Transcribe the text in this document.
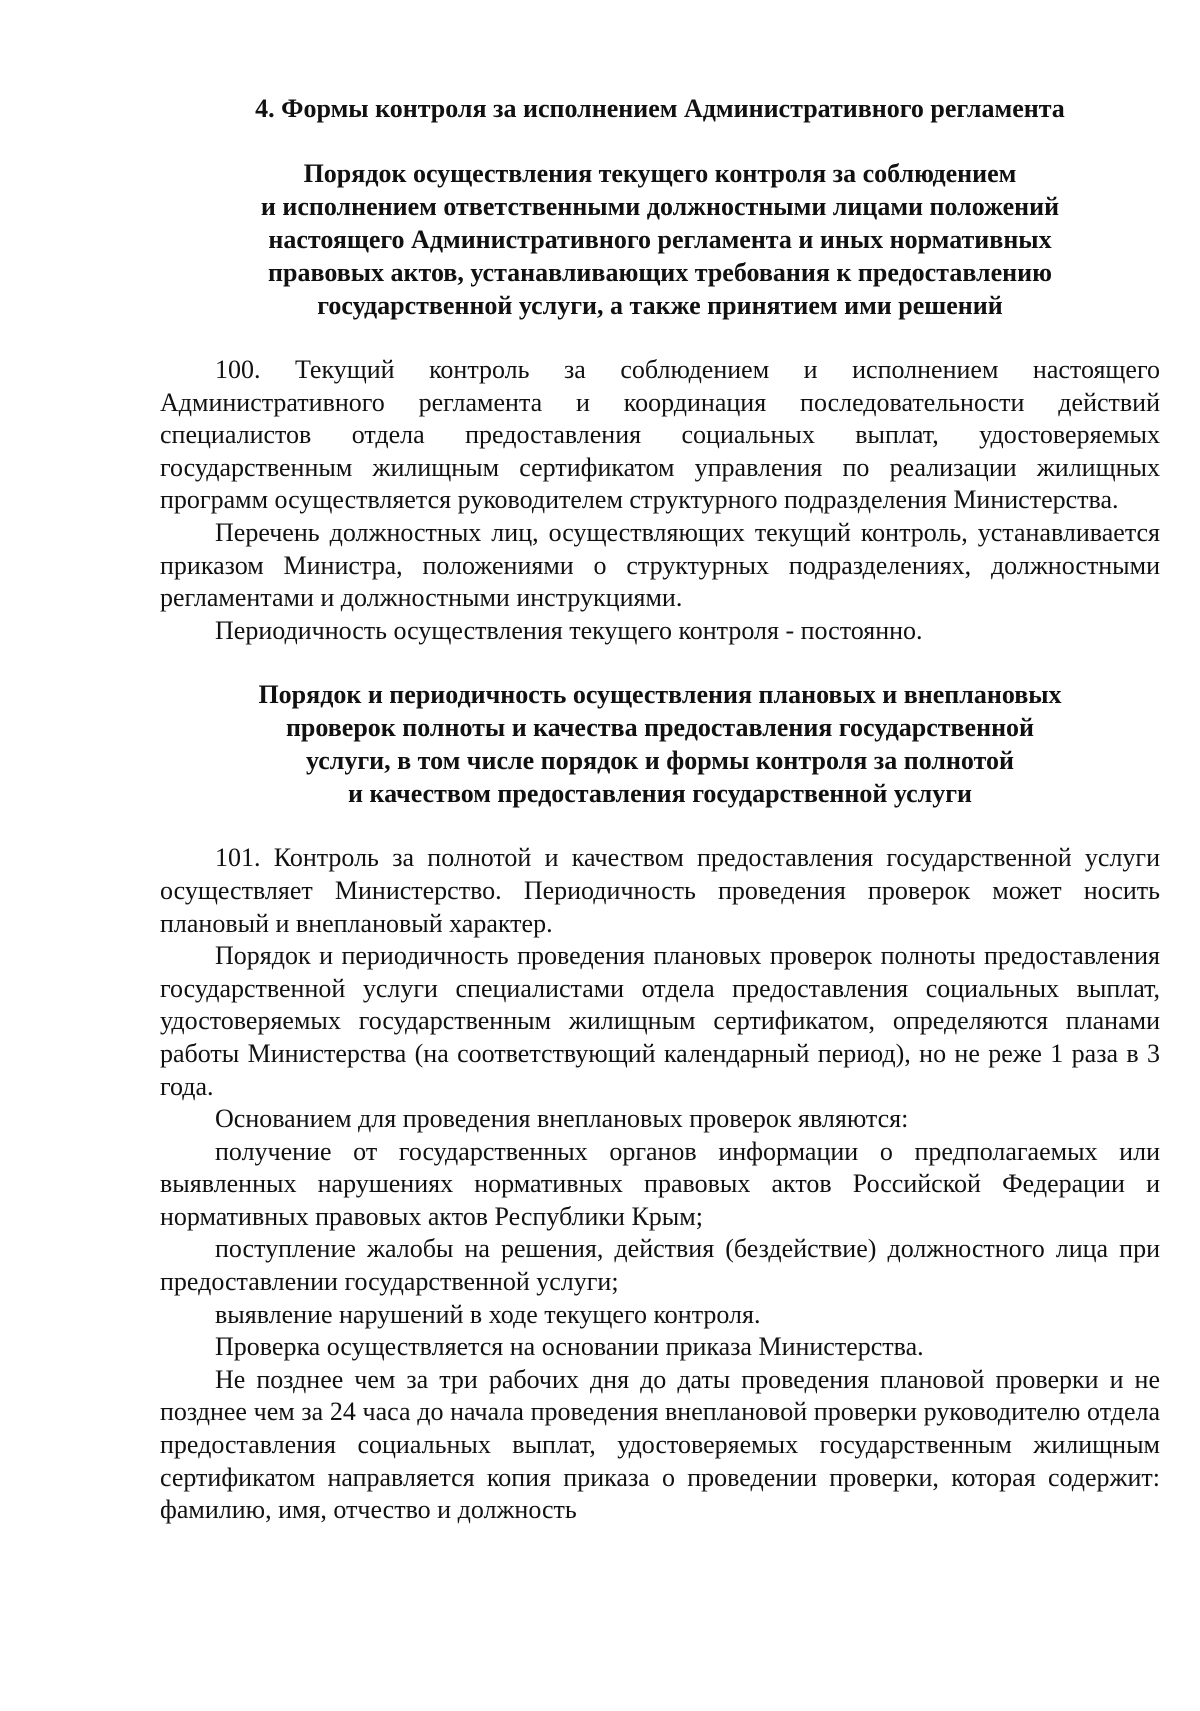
4. Формы контроля за исполнением Административного регламента
Порядок осуществления текущего контроля за соблюдением
и исполнением ответственными должностными лицами положений
настоящего Административного регламента и иных нормативных
правовых актов, устанавливающих требования к предоставлению
государственной услуги, а также принятием ими решений

100. Текущий контроль за соблюдением и исполнением настоящего Административного регламента и координация последовательности действий специалистов отдела предоставления социальных выплат, удостоверяемых государственным жилищным сертификатом управления по реализации жилищных программ осуществляется руководителем структурного подразделения Министерства.

Перечень должностных лиц, осуществляющих текущий контроль, устанавливается приказом Министра, положениями о структурных подразделениях, должностными регламентами и должностными инструкциями.

Периодичность осуществления текущего контроля - постоянно.

Порядок и периодичность осуществления плановых и внеплановых
проверок полноты и качества предоставления государственной
услуги, в том числе порядок и формы контроля за полнотой
и качеством предоставления государственной услуги

101. Контроль за полнотой и качеством предоставления государственной услуги осуществляет Министерство. Периодичность проведения проверок может носить плановый и внеплановый характер.

Порядок и периодичность проведения плановых проверок полноты предоставления государственной услуги специалистами отдела предоставления социальных выплат, удостоверяемых государственным жилищным сертификатом, определяются планами работы Министерства (на соответствующий календарный период), но не реже 1 раза в 3 года.

Основанием для проведения внеплановых проверок являются:

получение от государственных органов информации о предполагаемых или выявленных нарушениях нормативных правовых актов Российской Федерации и нормативных правовых актов Республики Крым;

поступление жалобы на решения, действия (бездействие) должностного лица при предоставлении государственной услуги;

выявление нарушений в ходе текущего контроля.

Проверка осуществляется на основании приказа Министерства.

Не позднее чем за три рабочих дня до даты проведения плановой проверки и не позднее чем за 24 часа до начала проведения внеплановой проверки руководителю отдела предоставления социальных выплат, удостоверяемых государственным жилищным сертификатом направляется копия приказа о проведении проверки, которая содержит: фамилию, имя, отчество и должность
